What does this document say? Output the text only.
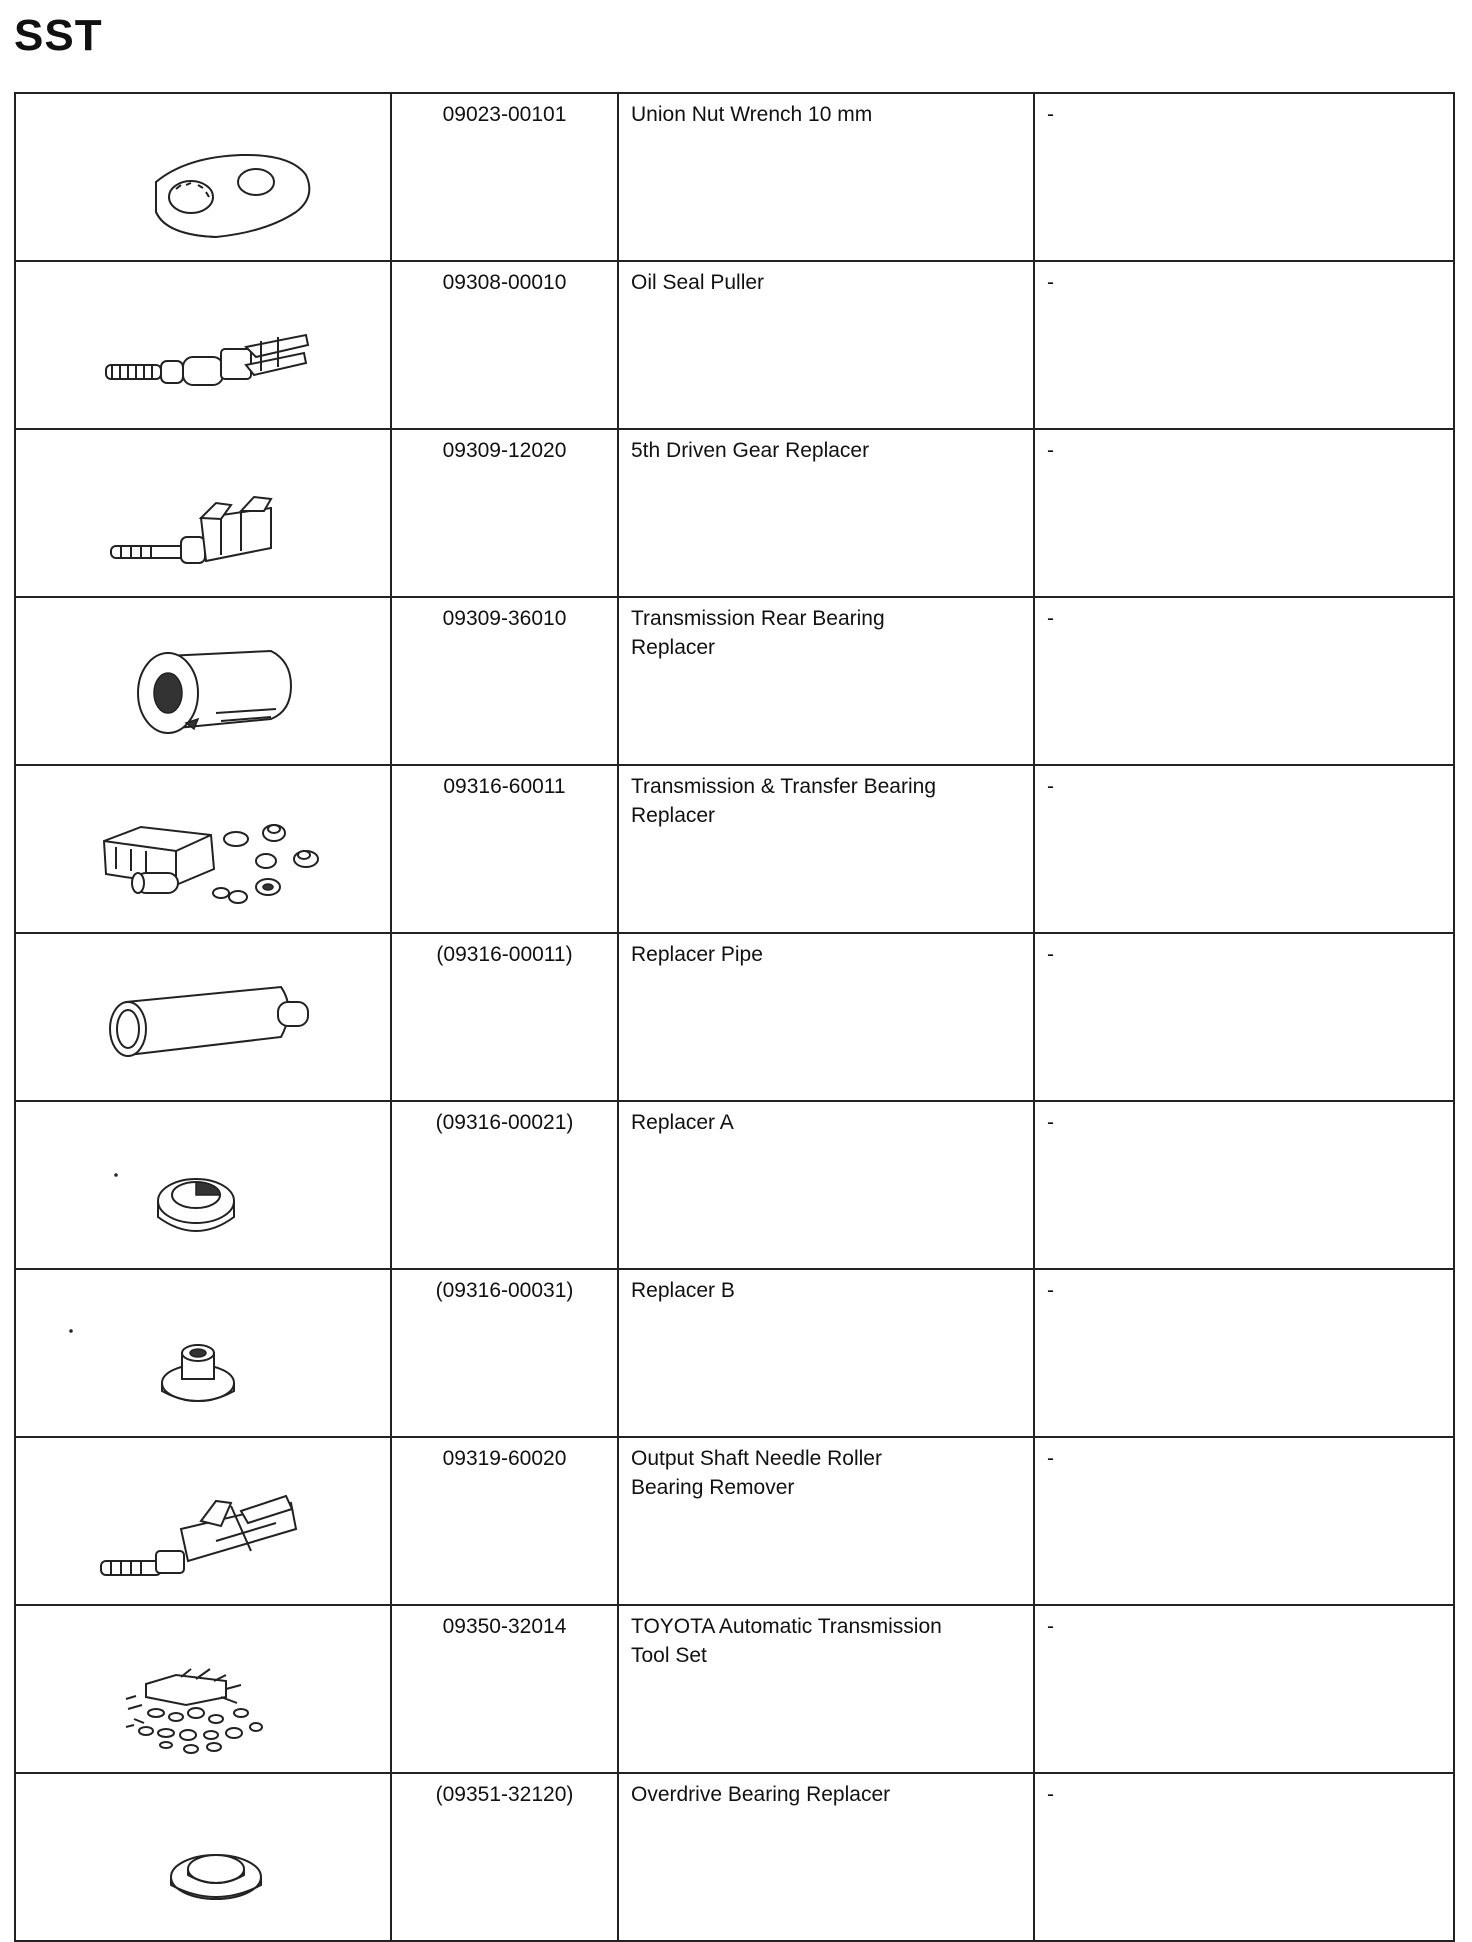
SST
	09023-00101	Union Nut Wrench 10 mm	-

	09308-00010	Oil Seal Puller	-

	09309-12020	5th Driven Gear Replacer	-

	09309-36010	Transmission Rear Bearing
Replacer	-

	09316-60011	Transmission & Transfer Bearing
Replacer	-

	(09316-00011)	Replacer Pipe	-

	(09316-00021)	Replacer A	-

	(09316-00031)	Replacer B	-

	09319-60020	Output Shaft Needle Roller
Bearing Remover	-

	09350-32014	TOYOTA Automatic Transmission
Tool Set	-

	(09351-32120)	Overdrive Bearing Replacer	-
